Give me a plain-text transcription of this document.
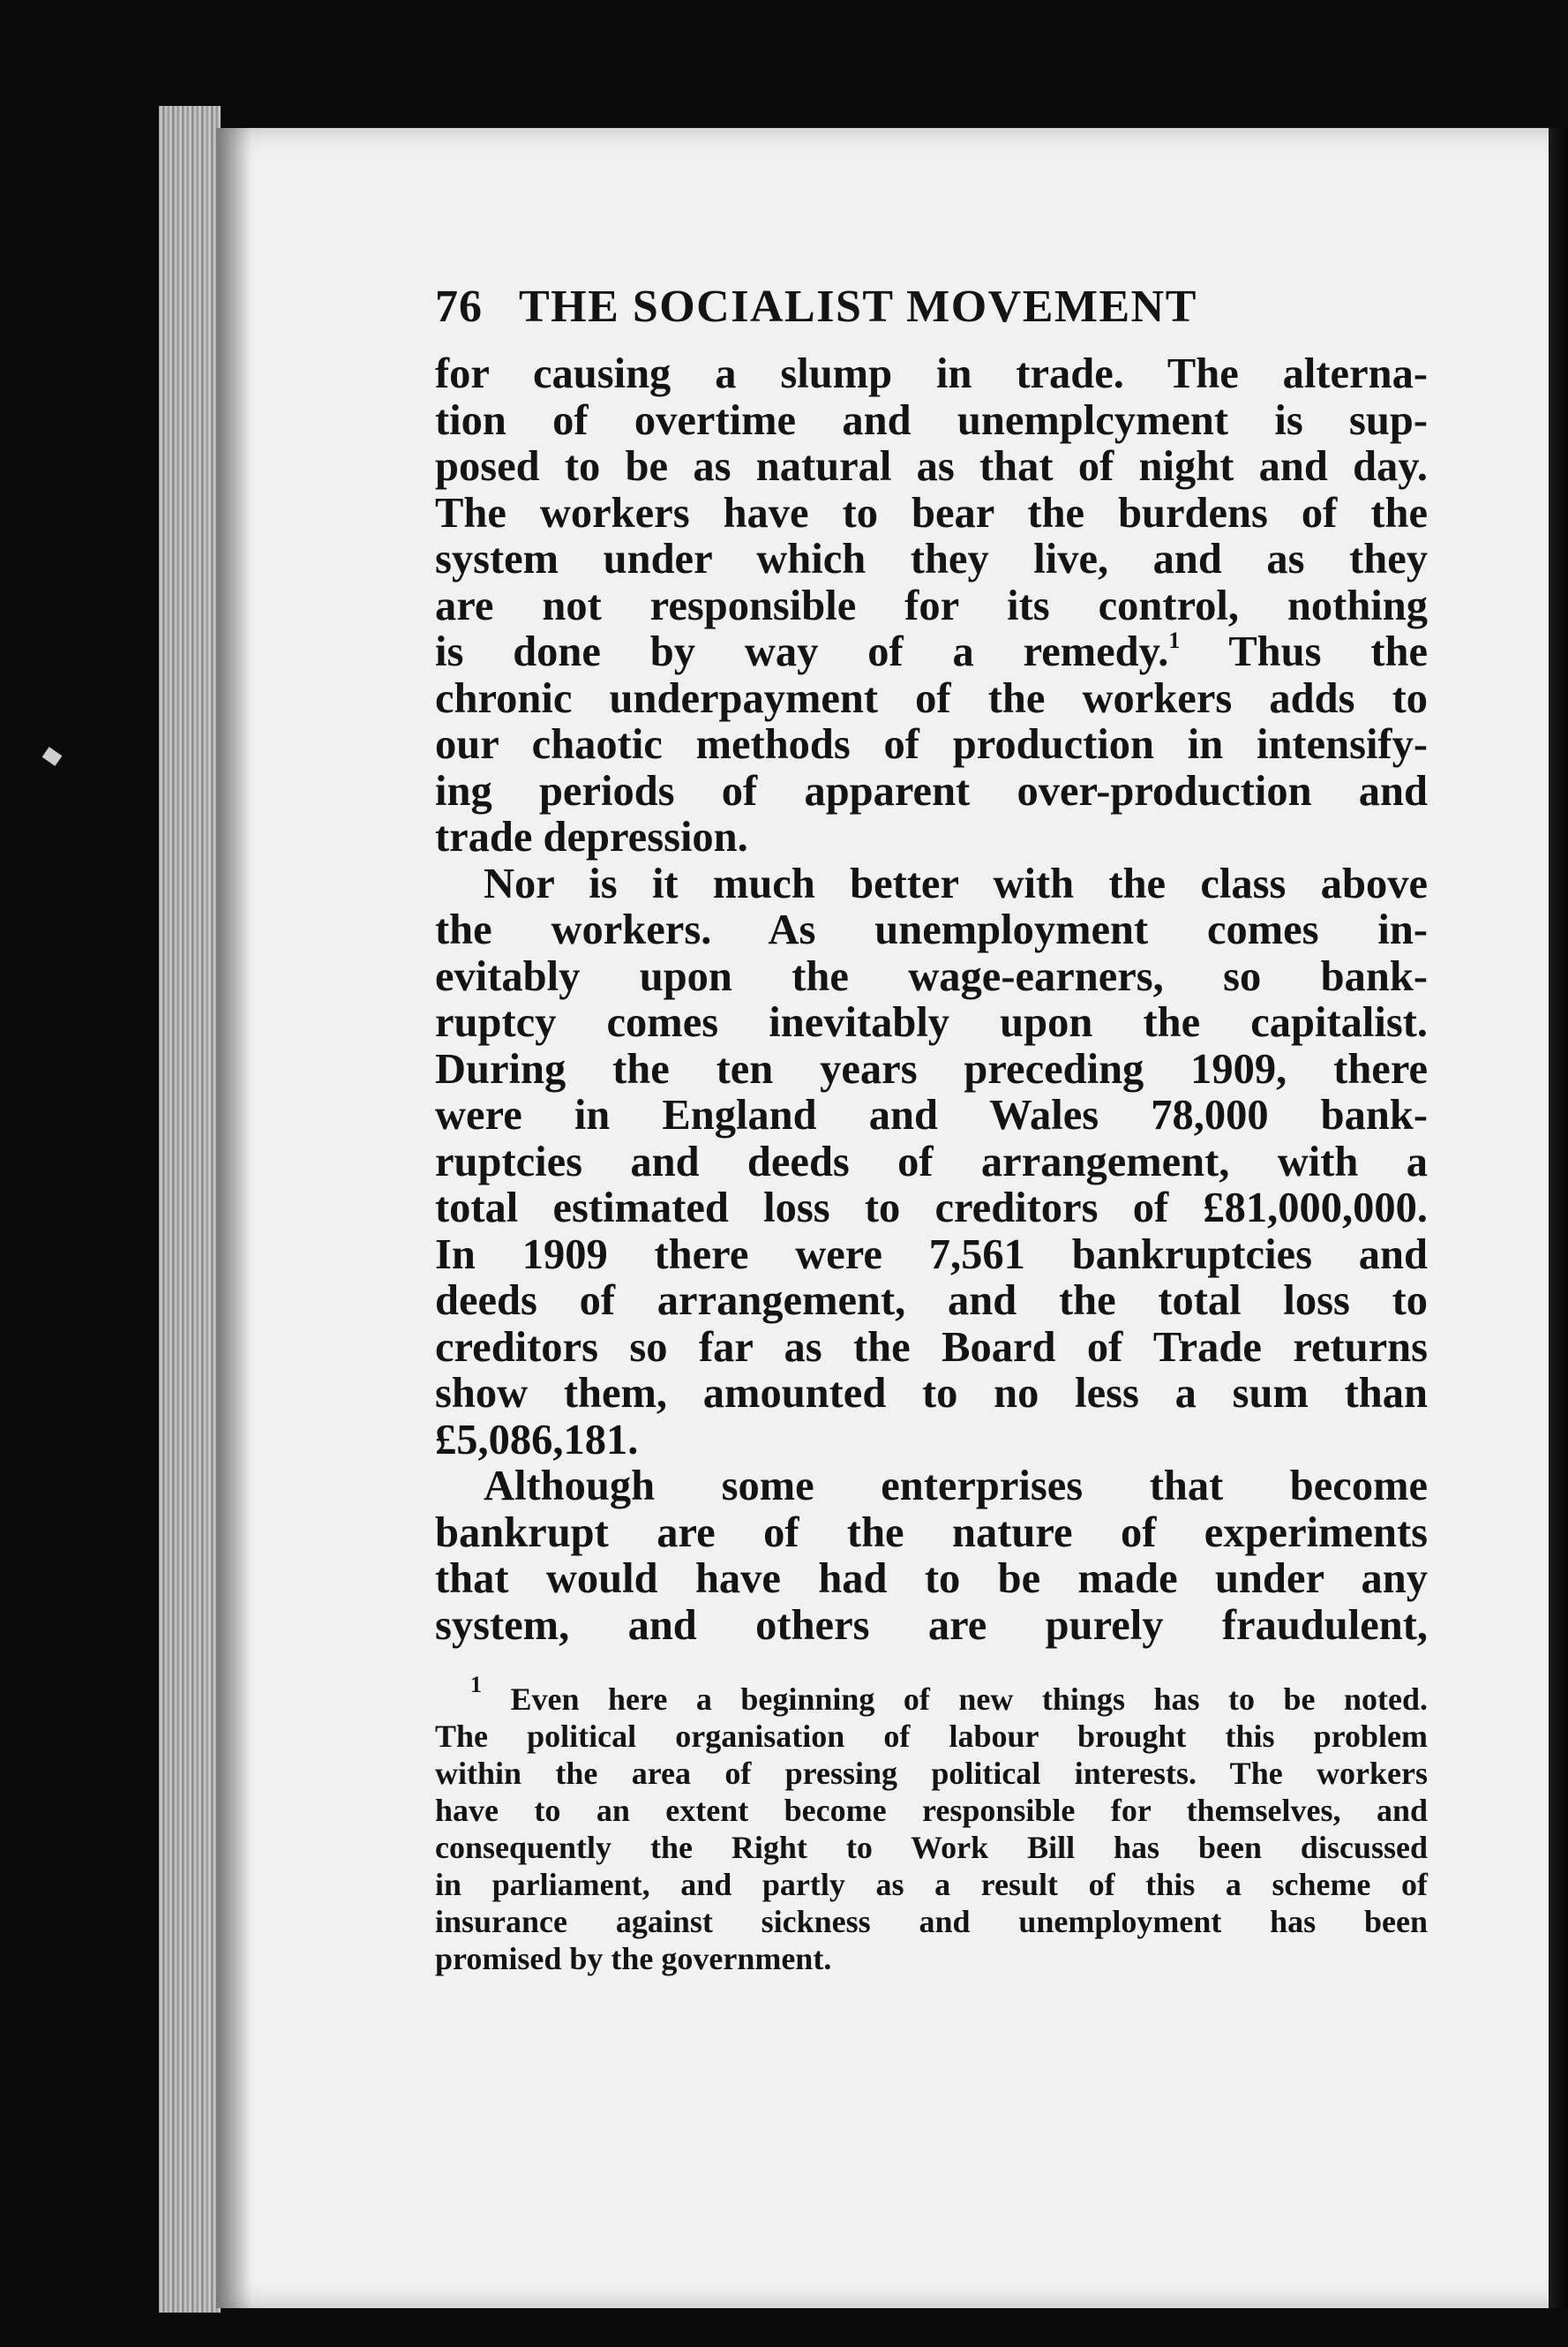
76 THE SOCIALIST MOVEMENT

for causing a slump in trade. The alterna-
tion of overtime and unemplcyment is sup-
posed to be as natural as that of night and day.
The workers have to bear the burdens of the
system under which they live, and as they
are not responsible for its control, nothing
is done by way of a remedy.$^1$ Thus the
chronic underpayment of the workers adds to
our chaotic methods of production in intensify-
ing periods of apparent over-production and
trade depression.

Nor is it much better with the class above
the workers. As unemployment comes in-
evitably upon the wage-earners, so bank-
ruptcy comes inevitably upon the capitalist.
During the ten years preceding 1909, there
were in England and Wales 78,000 bank-
ruptcies and deeds of arrangement, with a
total estimated loss to creditors of £81,000,000.
In 1909 there were 7,561 bankruptcies and
deeds of arrangement, and the total loss to
creditors so far as the Board of Trade returns
show them, amounted to no less a sum than
£5,086,181.

Although some enterprises that become
bankrupt are of the nature of experiments
that would have had to be made under any
system, and others are purely fraudulent,

$^1$ Even here a beginning of new things has to be noted.
The political organisation of labour brought this problem
within the area of pressing political interests. The workers
have to an extent become responsible for themselves, and
consequently the Right to Work Bill has been discussed
in parliament, and partly as a result of this a scheme of
insurance against sickness and unemployment has been
promised by the government.
